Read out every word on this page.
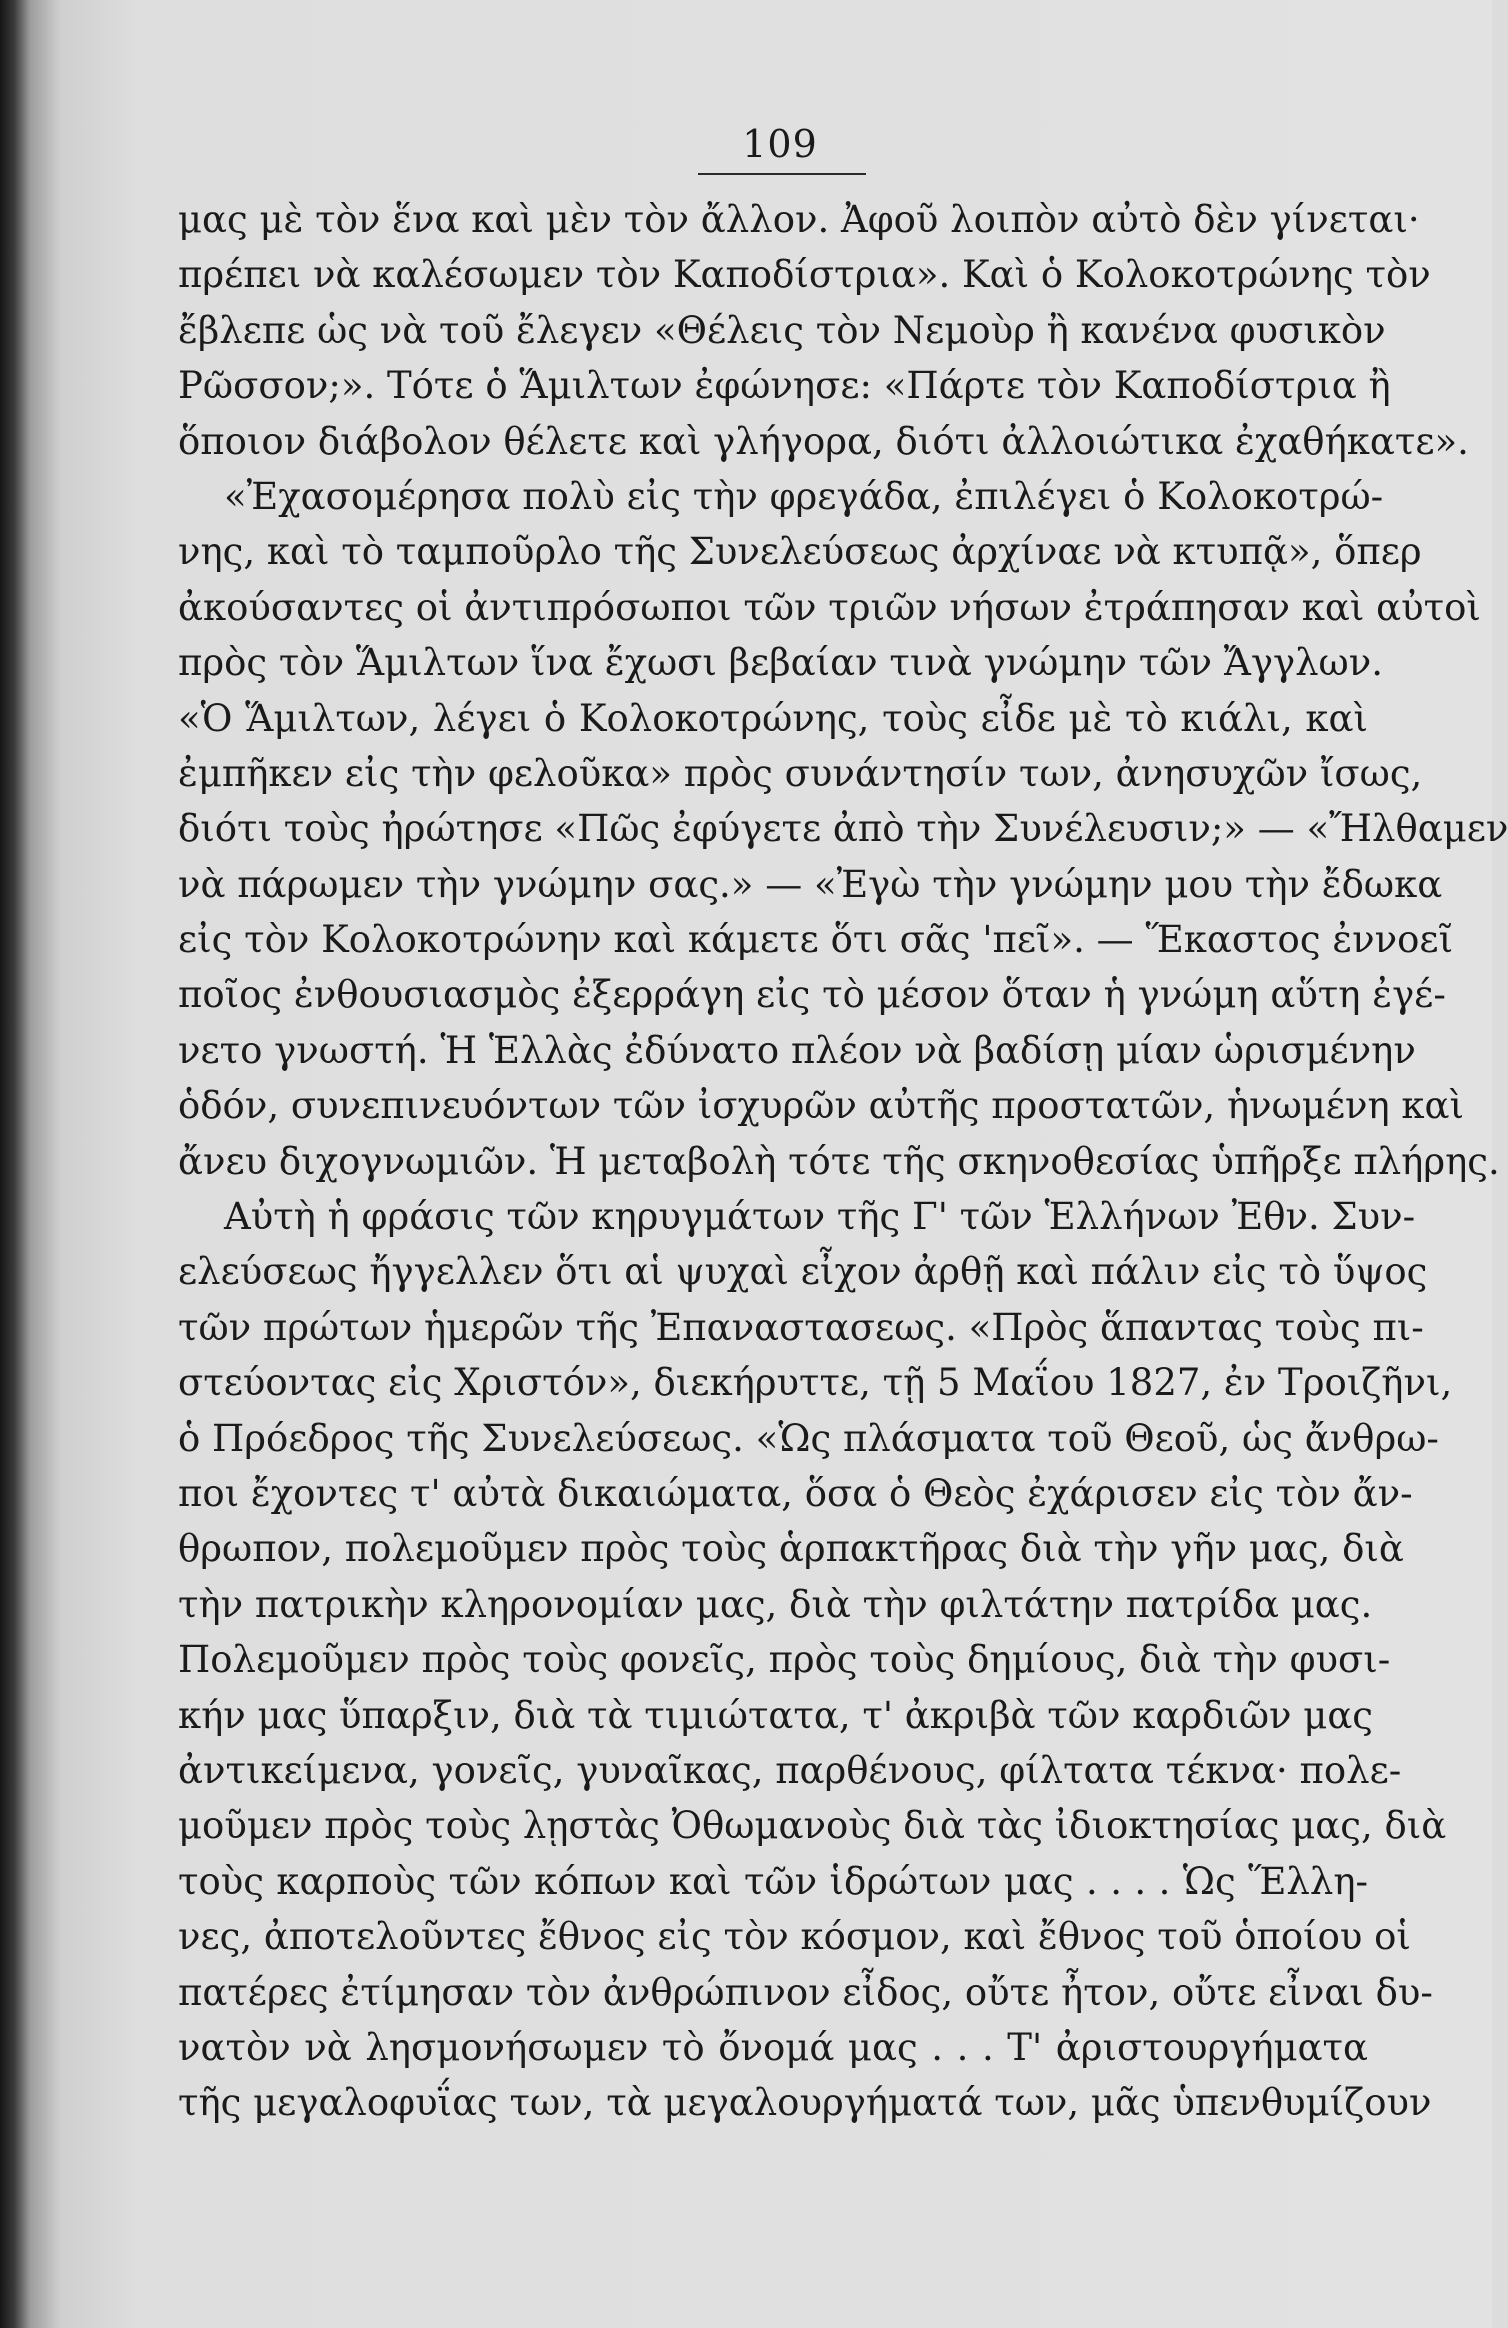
109
μας μὲ τὸν ἕνα καὶ μὲν τὸν ἄλλον. Ἀφοῦ λοιπὸν αὐτὸ δὲν γίνεται·
πρέπει νὰ καλέσωμεν τὸν Καποδίστρια». Καὶ ὁ Κολοκοτρώνης τὸν
ἔβλεπε ὡς νὰ τοῦ ἔλεγεν «Θέλεις τὸν Νεμοὺρ ἢ κανένα φυσικὸν
Ρῶσσον;». Τότε ὁ Ἅμιλτων ἐφώνησε: «Πάρτε τὸν Καποδίστρια ἢ
ὅποιον διάβολον θέλετε καὶ γλήγορα, διότι ἀλλοιώτικα ἐχαθήκατε».
«Ἐχασομέρησα πολὺ εἰς τὴν φρεγάδα, ἐπιλέγει ὁ Κολοκοτρώ-
νης, καὶ τὸ ταμποῦρλο τῆς Συνελεύσεως ἀρχίναε νὰ κτυπᾷ», ὅπερ
ἀκούσαντες οἱ ἀντιπρόσωποι τῶν τριῶν νήσων ἐτράπησαν καὶ αὐτοὶ
πρὸς τὸν Ἅμιλτων ἵνα ἔχωσι βεβαίαν τινὰ γνώμην τῶν Ἄγγλων.
«Ὁ Ἅμιλτων, λέγει ὁ Κολοκοτρώνης, τοὺς εἶδε μὲ τὸ κιάλι, καὶ
ἐμπῆκεν εἰς τὴν φελοῦκα» πρὸς συνάντησίν των, ἀνησυχῶν ἴσως,
διότι τοὺς ἠρώτησε «Πῶς ἐφύγετε ἀπὸ τὴν Συνέλευσιν;» — «Ἤλθαμεν
νὰ πάρωμεν τὴν γνώμην σας.» — «Ἐγὼ τὴν γνώμην μου τὴν ἔδωκα
εἰς τὸν Κολοκοτρώνην καὶ κάμετε ὅτι σᾶς 'πεῖ». — Ἕκαστος ἐννοεῖ
ποῖος ἐνθουσιασμὸς ἐξερράγη εἰς τὸ μέσον ὅταν ἡ γνώμη αὕτη ἐγέ-
νετο γνωστή. Ἡ Ἑλλὰς ἐδύνατο πλέον νὰ βαδίσῃ μίαν ὡρισμένην
ὁδόν, συνεπινευόντων τῶν ἰσχυρῶν αὐτῆς προστατῶν, ἡνωμένη καὶ
ἄνευ διχογνωμιῶν. Ἡ μεταβολὴ τότε τῆς σκηνοθεσίας ὑπῆρξε πλήρης.
Αὐτὴ ἡ φράσις τῶν κηρυγμάτων τῆς Γ' τῶν Ἑλλήνων Ἐθν. Συν-
ελεύσεως ἤγγελλεν ὅτι αἱ ψυχαὶ εἶχον ἀρθῇ καὶ πάλιν εἰς τὸ ὕψος
τῶν πρώτων ἡμερῶν τῆς Ἐπαναστασεως. «Πρὸς ἅπαντας τοὺς πι-
στεύοντας εἰς Χριστόν», διεκήρυττε, τῇ 5 Μαΐου 1827, ἐν Τροιζῆνι,
ὁ Πρόεδρος τῆς Συνελεύσεως. «Ὡς πλάσματα τοῦ Θεοῦ, ὡς ἄνθρω-
ποι ἔχοντες τ' αὐτὰ δικαιώματα, ὅσα ὁ Θεὸς ἐχάρισεν εἰς τὸν ἄν-
θρωπον, πολεμοῦμεν πρὸς τοὺς ἁρπακτῆρας διὰ τὴν γῆν μας, διὰ
τὴν πατρικὴν κληρονομίαν μας, διὰ τὴν φιλτάτην πατρίδα μας.
Πολεμοῦμεν πρὸς τοὺς φονεῖς, πρὸς τοὺς δημίους, διὰ τὴν φυσι-
κήν μας ὕπαρξιν, διὰ τὰ τιμιώτατα, τ' ἀκριβὰ τῶν καρδιῶν μας
ἀντικείμενα, γονεῖς, γυναῖκας, παρθένους, φίλτατα τέκνα· πολε-
μοῦμεν πρὸς τοὺς λῃστὰς Ὀθωμανοὺς διὰ τὰς ἰδιοκτησίας μας, διὰ
τοὺς καρποὺς τῶν κόπων καὶ τῶν ἱδρώτων μας . . . . Ὡς Ἕλλη-
νες, ἀποτελοῦντες ἔθνος εἰς τὸν κόσμον, καὶ ἔθνος τοῦ ὁποίου οἱ
πατέρες ἐτίμησαν τὸν ἀνθρώπινον εἶδος, οὔτε ἦτον, οὔτε εἶναι δυ-
νατὸν νὰ λησμονήσωμεν τὸ ὄνομά μας . . . Τ' ἀριστουργήματα
τῆς μεγαλοφυΐας των, τὰ μεγαλουργήματά των, μᾶς ὑπενθυμίζουν
